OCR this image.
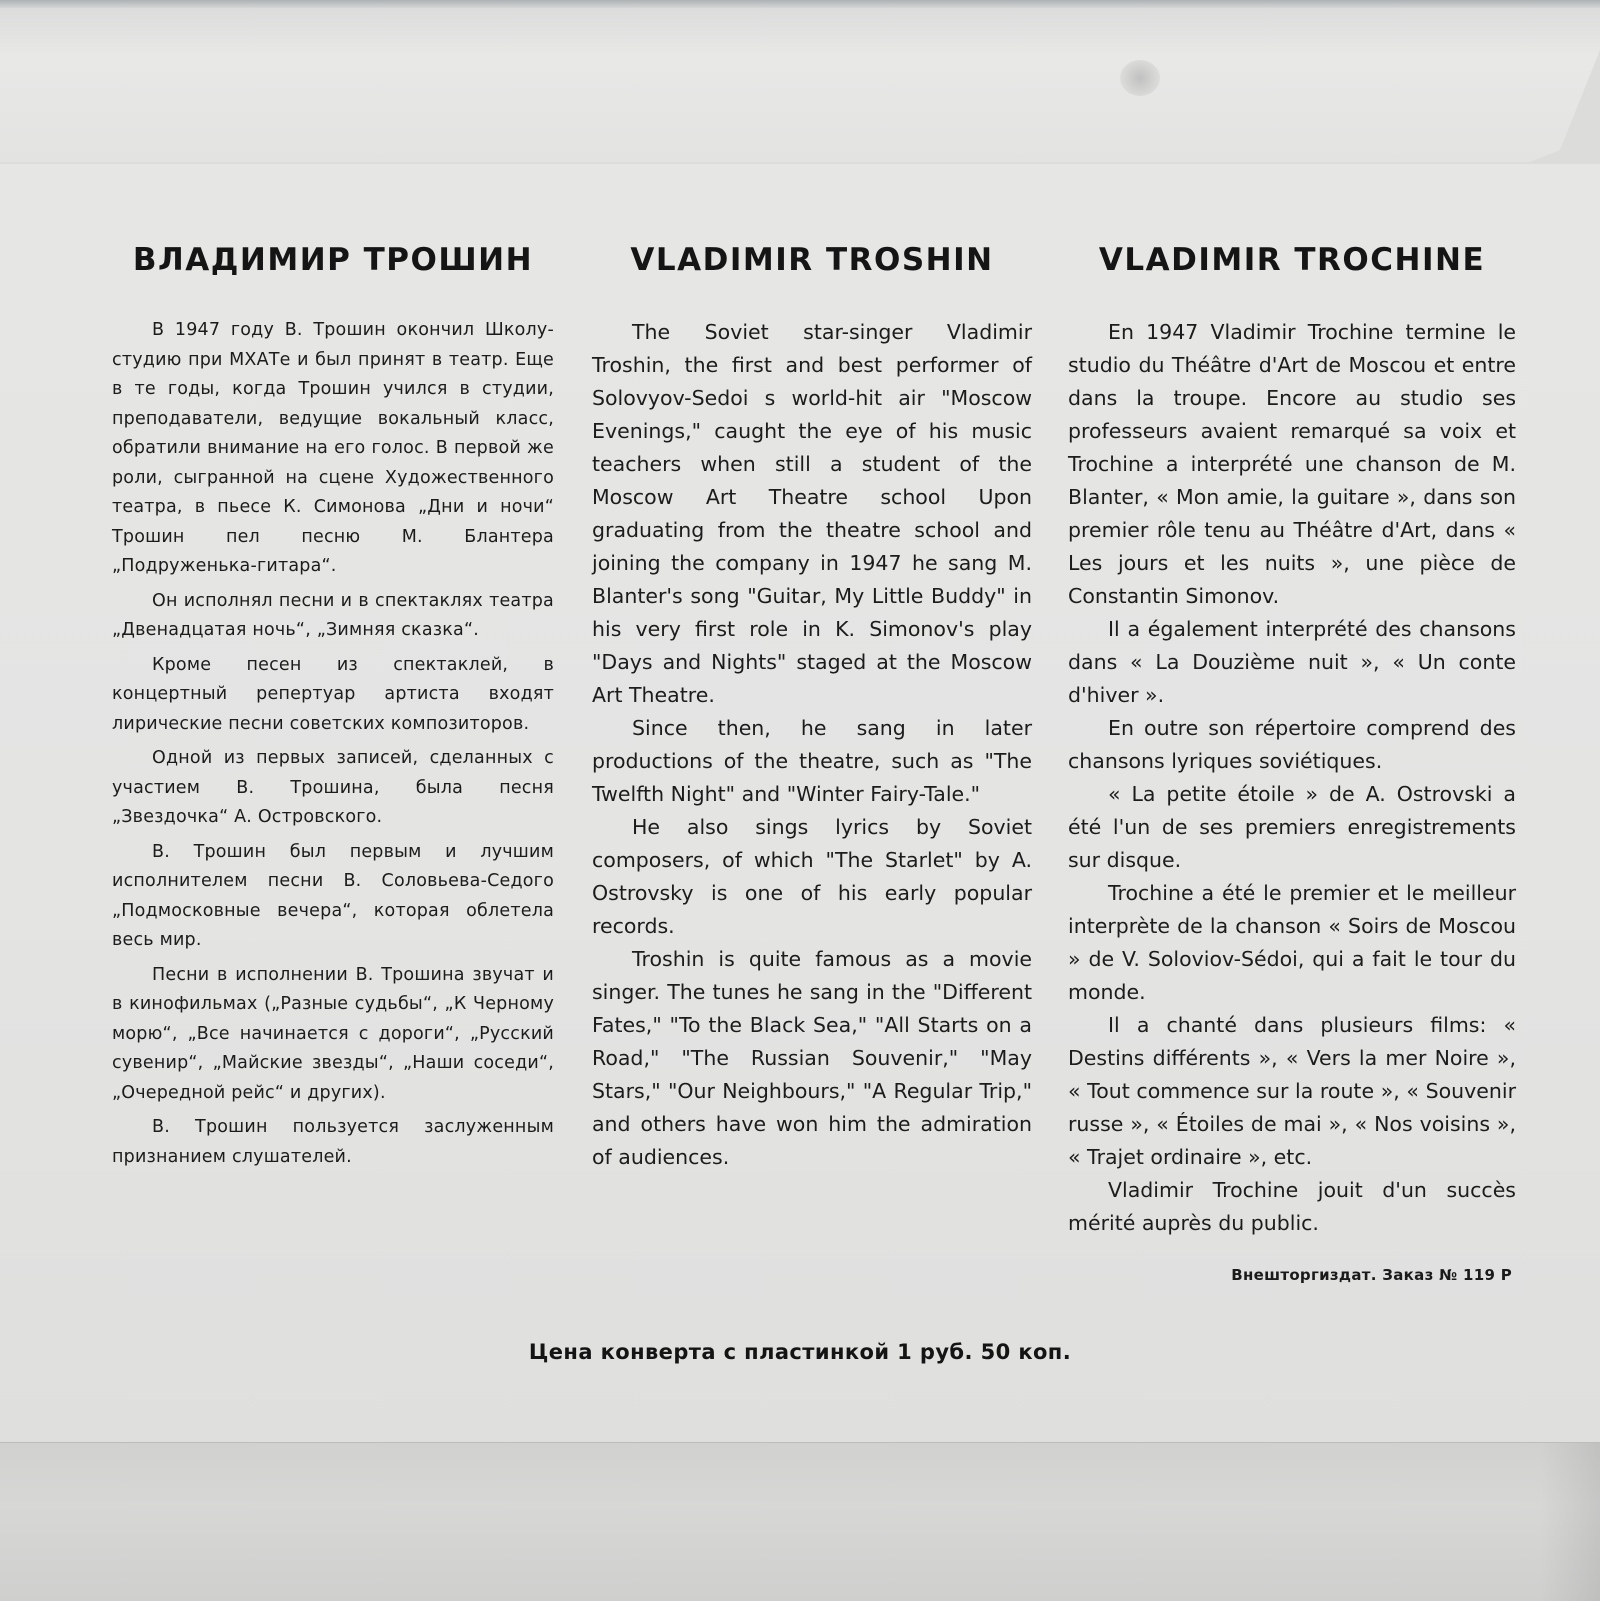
ВЛАДИМИР ТРОШИН

В 1947 году В. Трошин окончил Школу-студию при МХАТе и был принят в театр. Еще в те годы, когда Трошин учился в студии, преподаватели, ведущие вокальный класс, обратили внимание на его голос. В первой же роли, сыгранной на сцене Художественного театра, в пьесе К. Симонова „Дни и ночи“ Трошин пел песню М. Блантера „Подруженька-гитара“.

Он исполнял песни и в спектаклях театра „Двенадцатая ночь“, „Зимняя сказка“.

Кроме песен из спектаклей, в концертный репертуар артиста входят лирические песни советских композиторов.

Одной из первых записей, сделанных с участием В. Трошина, была песня „Звездочка“ А. Островского.

В. Трошин был первым и лучшим исполнителем песни В. Соловьева-Седого „Подмосковные вечера“, которая облетела весь мир.

Песни в исполнении В. Трошина звучат и в кинофильмах („Разные судьбы“, „К Черному морю“, „Все начинается с дороги“, „Русский сувенир“, „Майские звезды“, „Наши соседи“, „Очередной рейс“ и других).

В. Трошин пользуется заслуженным признанием слушателей.

VLADIMIR TROSHIN

The Soviet star-singer Vladimir Troshin, the first and best performer of Solovyov-Sedoi s world-hit air "Moscow Evenings," caught the eye of his music teachers when still a student of the Moscow Art Theatre school Upon graduating from the theatre school and joining the company in 1947 he sang M. Blanter's song "Guitar, My Little Buddy" in his very first role in K. Simonov's play "Days and Nights" staged at the Moscow Art Theatre.

Since then, he sang in later productions of the theatre, such as "The Twelfth Night" and "Winter Fairy-Tale."

He also sings lyrics by Soviet composers, of which "The Starlet" by A. Ostrovsky is one of his early popular records.

Troshin is quite famous as a movie singer. The tunes he sang in the "Different Fates," "To the Black Sea," "All Starts on a Road," "The Russian Souvenir," "May Stars," "Our Neighbours," "A Regular Trip," and others have won him the admiration of audiences.

VLADIMIR TROCHINE

En 1947 Vladimir Trochine termine le studio du Théâtre d'Art de Moscou et entre dans la troupe. Encore au studio ses professeurs avaient remarqué sa voix et Trochine a interprété une chanson de M. Blanter, « Mon amie, la guitare », dans son premier rôle tenu au Théâtre d'Art, dans « Les jours et les nuits », une pièce de Constantin Simonov.

Il a également interprété des chansons dans « La Douzième nuit », « Un conte d'hiver ».

En outre son répertoire comprend des chansons lyriques soviétiques.

« La petite étoile » de A. Ostrovski a été l'un de ses premiers enregistrements sur disque.

Trochine a été le premier et le meilleur interprète de la chanson « Soirs de Moscou » de V. Soloviov-Sédoi, qui a fait le tour du monde.

Il a chanté dans plusieurs films: « Destins différents », « Vers la mer Noire », « Tout commence sur la route », « Souvenir russe », « Étoiles de mai », « Nos voisins », « Trajet ordinaire », etc.

Vladimir Trochine jouit d'un succès mérité auprès du public.

Внешторгиздат. Заказ № 119 Р
Цена конверта с пластинкой 1 руб. 50 коп.
